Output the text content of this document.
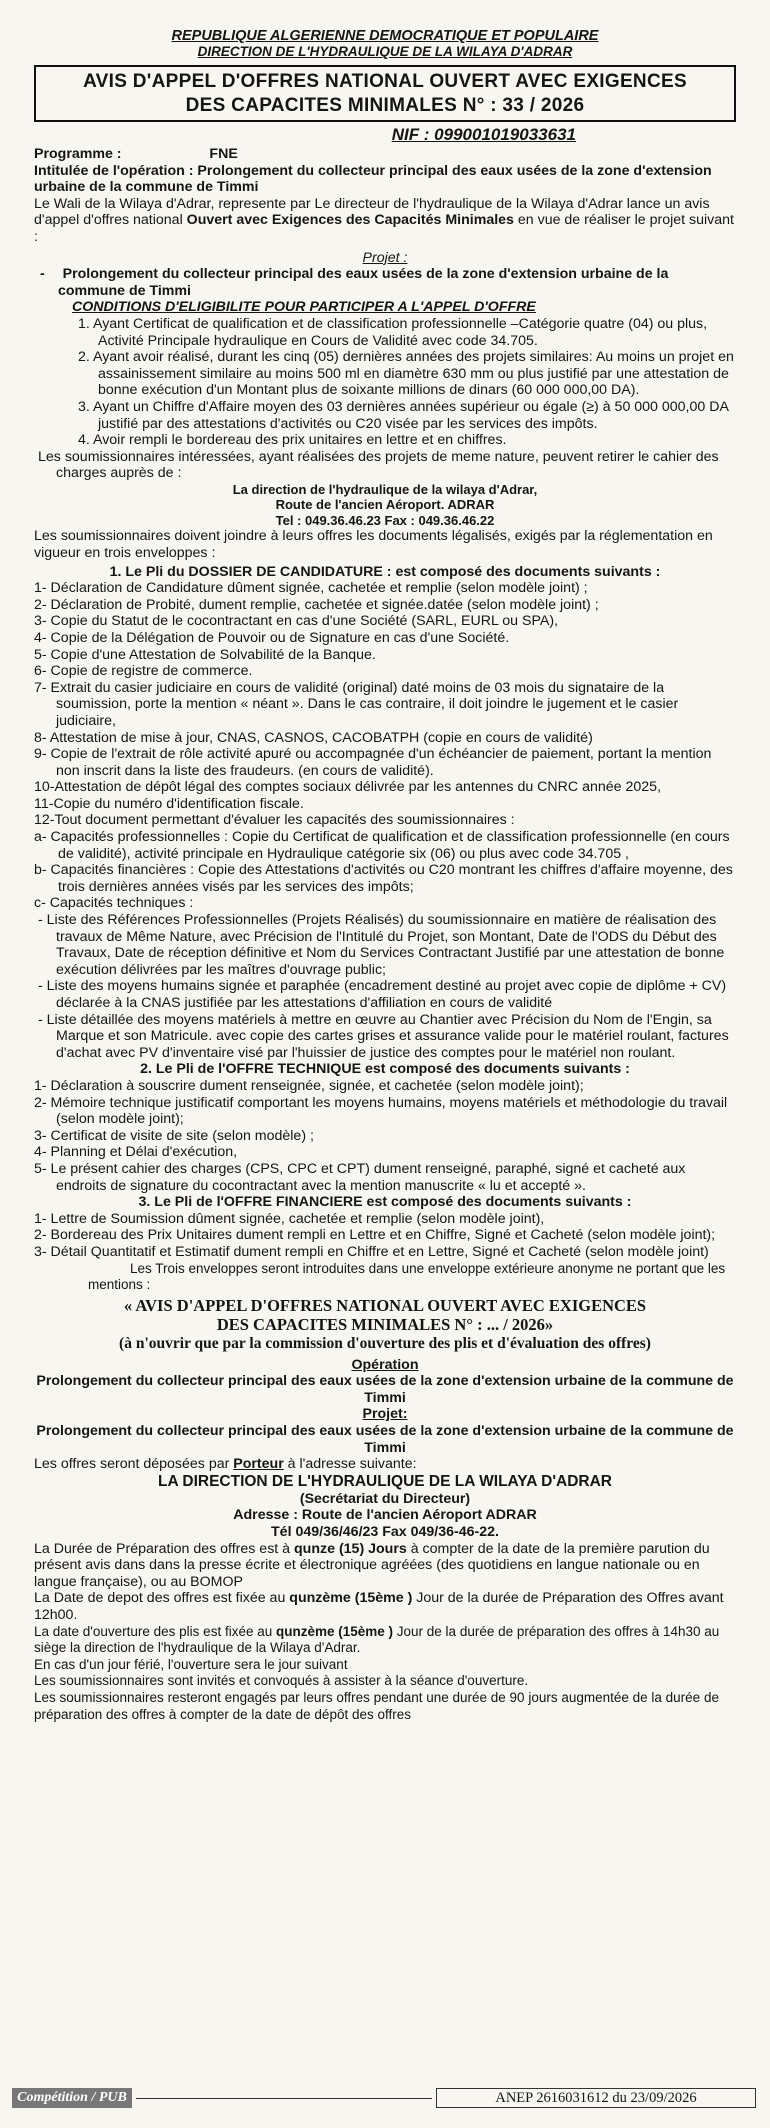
REPUBLIQUE ALGERIENNE DEMOCRATIQUE ET POPULAIRE
DIRECTION DE L'HYDRAULIQUE DE LA WILAYA D'ADRAR
AVIS D'APPEL D'OFFRES NATIONAL OUVERT AVEC EXIGENCES
DES CAPACITES MINIMALES N° : 33 / 2026
NIF : 099001019033631

Programme :	FNE

Intitulée de l'opération : Prolongement du collecteur principal des eaux usées de la zone d'extension urbaine de la commune de Timmi

Le Wali de la Wilaya d'Adrar, represente par Le directeur de l'hydraulique de la Wilaya d'Adrar lance un avis d'appel d'offres national Ouvert avec Exigences des Capacités Minimales en vue de réaliser le projet suivant :

Projet :

- Prolongement du collecteur principal des eaux usées de la zone d'extension urbaine de la commune de Timmi

CONDITIONS D'ELIGIBILITE POUR PARTICIPER A L'APPEL D'OFFRE

1. Ayant Certificat de qualification et de classification professionnelle –Catégorie quatre (04) ou plus, Activité Principale hydraulique en Cours de Validité avec code 34.705.
2. Ayant avoir réalisé, durant les cinq (05) dernières années des projets similaires: Au moins un projet en assainissement similaire au moins 500 ml en diamètre 630 mm ou plus justifié par une attestation de bonne exécution d'un Montant plus de soixante millions de dinars (60 000 000,00 DA).
3. Ayant un Chiffre d'Affaire moyen des 03 dernières années supérieur ou égale (≥) à 50 000 000,00 DA justifié par des attestations d'activités ou C20 visée par les services des impôts.
4. Avoir rempli le bordereau des prix unitaires en lettre et en chiffres.

Les soumissionnaires intéressées, ayant réalisées des projets de meme nature, peuvent retirer le cahier des charges auprès de :

La direction de l'hydraulique de la wilaya d'Adrar,
Route de l'ancien Aéroport. ADRAR
Tel : 049.36.46.23 Fax : 049.36.46.22

Les soumissionnaires doivent joindre à leurs offres les documents légalisés, exigés par la réglementation en vigueur en trois enveloppes :

1. Le Pli du DOSSIER DE CANDIDATURE : est composé des documents suivants :
1- Déclaration de Candidature dûment signée, cachetée et remplie (selon modèle joint) ;
2- Déclaration de Probité, dument remplie, cachetée et signée.datée (selon modèle joint) ;
3- Copie du Statut de le cocontractant en cas d'une Société (SARL, EURL ou SPA),
4- Copie de la Délégation de Pouvoir ou de Signature en cas d'une Société.
5- Copie d'une Attestation de Solvabilité de la Banque.
6- Copie de registre de commerce.
7- Extrait du casier judiciaire en cours de validité (original) daté moins de 03 mois du signataire de la soumission, porte la mention « néant ». Dans le cas contraire, il doit joindre le jugement et le casier judiciaire,
8- Attestation de mise à jour, CNAS, CASNOS, CACOBATPH (copie en cours de validité)
9- Copie de l'extrait de rôle activité apuré ou accompagnée d'un échéancier de paiement, portant la mention non inscrit dans la liste des fraudeurs. (en cours de validité).
10-Attestation de dépôt légal des comptes sociaux délivrée par les antennes du CNRC année 2025,
11-Copie du numéro d'identification fiscale.
12-Tout document permettant d'évaluer les capacités des soumissionnaires :

a- Capacités professionnelles : Copie du Certificat de qualification et de classification professionnelle (en cours de validité), activité principale en Hydraulique catégorie six (06) ou plus avec code 34.705 ,

b- Capacités financières : Copie des Attestations d'activités ou C20 montrant les chiffres d'affaire moyenne, des trois dernières années visés par les services des impôts;

c- Capacités techniques :

- Liste des Références Professionnelles (Projets Réalisés) du soumissionnaire en matière de réalisation des travaux de Même Nature, avec Précision de l'Intitulé du Projet, son Montant, Date de l'ODS du Début des Travaux, Date de réception définitive et Nom du Services Contractant Justifié par une attestation de bonne exécution délivrées par les maîtres d'ouvrage public;

- Liste des moyens humains signée et paraphée (encadrement destiné au projet avec copie de diplôme + CV) déclarée à la CNAS justifiée par les attestations d'affiliation en cours de validité

- Liste détaillée des moyens matériels à mettre en œuvre au Chantier avec Précision du Nom de l'Engin, sa Marque et son Matricule. avec copie des cartes grises et assurance valide pour le matériel roulant, factures d'achat avec PV d'inventaire visé par l'huissier de justice des comptes pour le matériel non roulant.

2. Le Pli de l'OFFRE TECHNIQUE est composé des documents suivants :
1- Déclaration à souscrire dument renseignée, signée, et cachetée (selon modèle joint);
2- Mémoire technique justificatif comportant les moyens humains, moyens matériels et méthodologie du travail (selon modèle joint);
3- Certificat de visite de site (selon modèle) ;
4- Planning et Délai d'exécution,
5- Le présent cahier des charges (CPS, CPC et CPT) dument renseigné, paraphé, signé et cacheté aux endroits de signature du cocontractant avec la mention manuscrite « lu et accepté ».
3. Le Pli de l'OFFRE FINANCIERE est composé des documents suivants :
1- Lettre de Soumission dûment signée, cachetée et remplie (selon modèle joint),
2- Bordereau des Prix Unitaires dument rempli en Lettre et en Chiffre, Signé et Cacheté (selon modèle joint);
3- Détail Quantitatif et Estimatif dument rempli en Chiffre et en Lettre, Signé et Cacheté (selon modèle joint)

Les Trois enveloppes seront introduites dans une enveloppe extérieure anonyme ne portant que les mentions :

« AVIS D'APPEL D'OFFRES NATIONAL OUVERT AVEC EXIGENCES
DES CAPACITES MINIMALES N° : ... / 2026»
(à n'ouvrir que par la commission d'ouverture des plis et d'évaluation des offres)
Opération
Prolongement du collecteur principal des eaux usées de la zone d'extension urbaine de la commune de Timmi
Projet:
Prolongement du collecteur principal des eaux usées de la zone d'extension urbaine de la commune de Timmi

Les offres seront déposées par Porteur à l'adresse suivante:

LA DIRECTION DE L'HYDRAULIQUE DE LA WILAYA D'ADRAR
(Secrétariat du Directeur)
Adresse : Route de l'ancien Aéroport ADRAR
Tél 049/36/46/23 Fax 049/36-46-22.

La Durée de Préparation des offres est à qunze (15) Jours à compter de la date de la première parution du présent avis dans dans la presse écrite et électronique agréées (des quotidiens en langue nationale ou en langue française), ou au BOMOP

La Date de depot des offres est fixée au qunzème (15ème ) Jour de la durée de Préparation des Offres avant 12h00.

La date d'ouverture des plis est fixée au qunzème (15ème ) Jour de la durée de préparation des offres à 14h30 au siège la direction de l'hydraulique de la Wilaya d'Adrar.

En cas d'un jour férié, l'ouverture sera le jour suivant

Les soumissionnaires sont invités et convoqués à assister à la séance d'ouverture.

Les soumissionnaires resteront engagés par leurs offres pendant une durée de 90 jours augmentée de la durée de préparation des offres à compter de la date de dépôt des offres

Compétition / PUB	ANEP 2616031612 du 23/09/2026
